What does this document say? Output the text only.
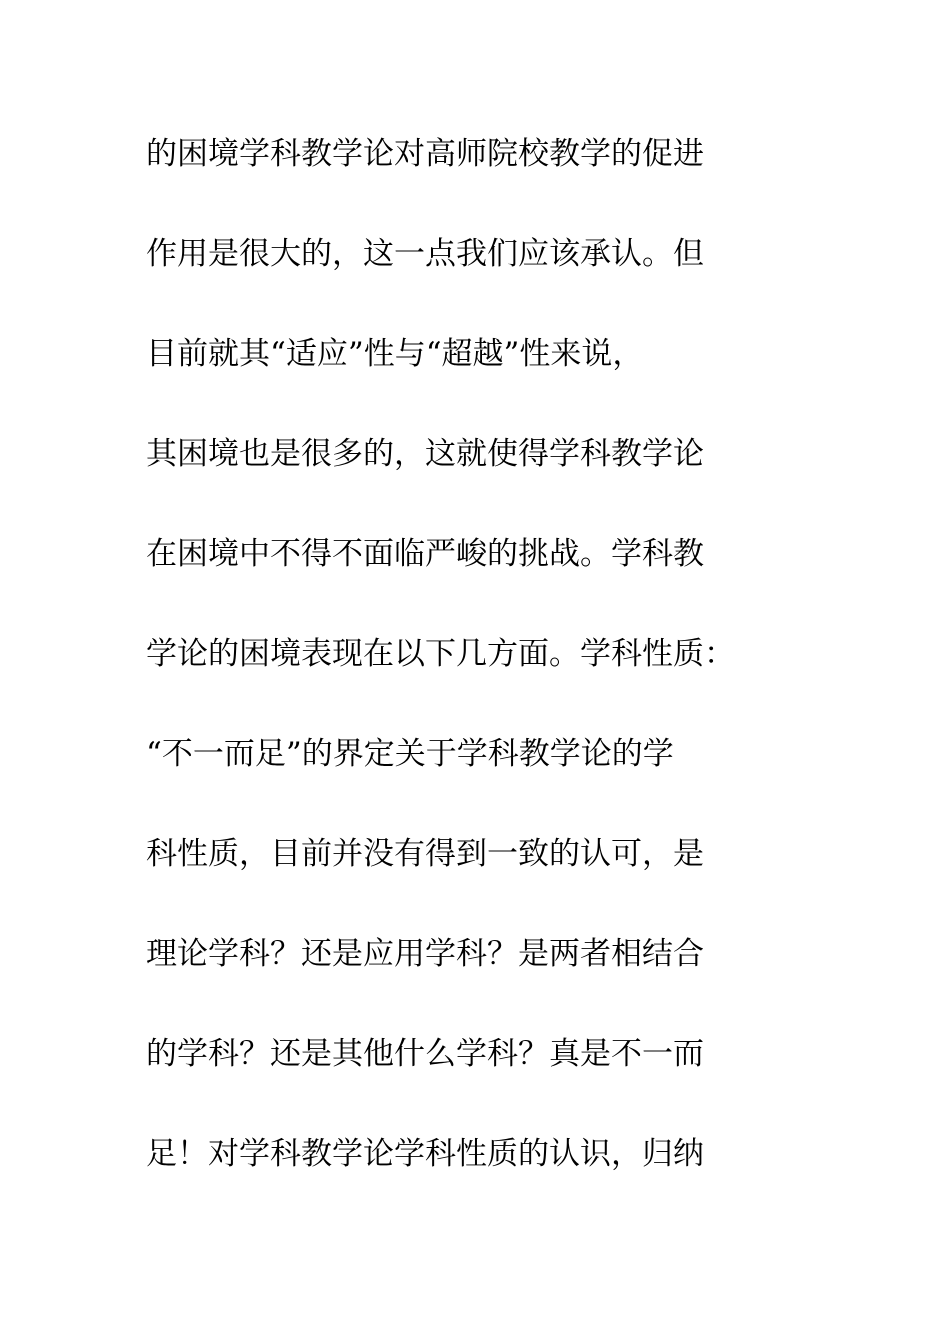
的困境学科教学论对高师院校教学的促进
作用是很大的，这一点我们应该承认。但
目前就其“适应”性与“超越”性来说，
其困境也是很多的，这就使得学科教学论
在困境中不得不面临严峻的挑战。学科教
学论的困境表现在以下几方面。学科性质：
“不一而足”的界定关于学科教学论的学
科性质，目前并没有得到一致的认可，是
理论学科？还是应用学科？是两者相结合
的学科？还是其他什么学科？真是不一而
足！对学科教学论学科性质的认识，归纳
